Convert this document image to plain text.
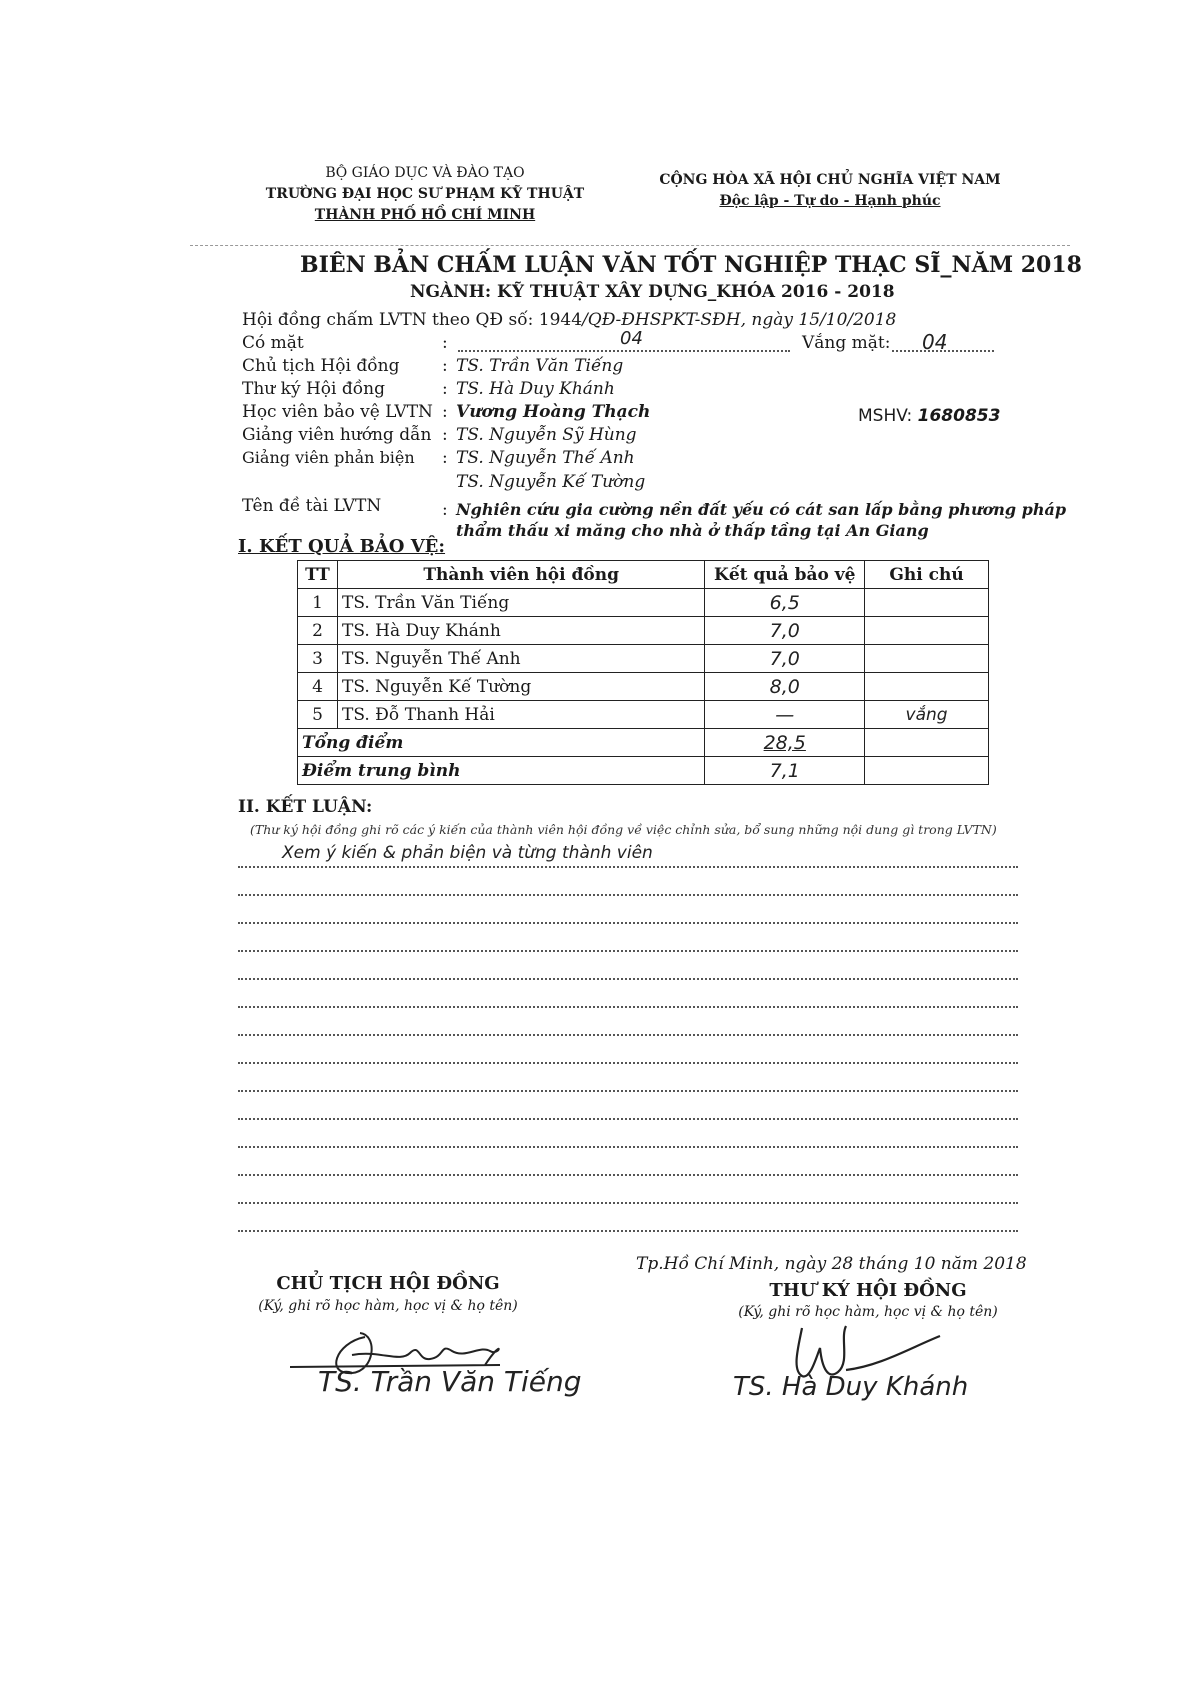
BỘ GIÁO DỤC VÀ ĐÀO TẠO
TRƯỜNG ĐẠI HỌC SƯ PHẠM KỸ THUẬT
THÀNH PHỐ HỒ CHÍ MINH
CỘNG HÒA XÃ HỘI CHỦ NGHĨA VIỆT NAM
Độc lập - Tự do - Hạnh phúc
BIÊN BẢN CHẤM LUẬN VĂN TỐT NGHIỆP THẠC SĨ_NĂM 2018
NGÀNH: KỸ THUẬT XÂY DỰNG_KHÓA 2016 - 2018
Hội đồng chấm LVTN theo QĐ số: 1944/QĐ-ĐHSPKT-SĐH, ngày 15/10/2018
Có mặt	:	04	Vắng mặt: 04
Chủ tịch Hội đồng	: TS. Trần Văn Tiếng
Thư ký Hội đồng	: TS. Hà Duy Khánh
Học viên bảo vệ LVTN : Vương Hoàng Thạch	MSHV: 1680853
Giảng viên hướng dẫn : TS. Nguyễn Sỹ Hùng
Giảng viên phản biện : TS. Nguyễn Thế Anh
TS. Nguyễn Kế Tường
Tên đề tài LVTN	: Nghiên cứu gia cường nền đất yếu có cát san lấp bằng phương pháp
thẩm thấu xi măng cho nhà ở thấp tầng tại An Giang
I. KẾT QUẢ BẢO VỆ:
TT	Thành viên hội đồng	Kết quả bảo vệ	Ghi chú
1	TS. Trần Văn Tiếng	6,5	
2	TS. Hà Duy Khánh	7,0	
3	TS. Nguyễn Thế Anh	7,0	
4	TS. Nguyễn Kế Tường	8,0	
5	TS. Đỗ Thanh Hải	—	vắng
Tổng điểm		28,5	
Điểm trung bình		7,1	
II. KẾT LUẬN:
(Thư ký hội đồng ghi rõ các ý kiến của thành viên hội đồng về việc chỉnh sửa, bổ sung những nội dung gì trong LVTN)
Xem ý kiến & phản biện và từng thành viên
Tp.Hồ Chí Minh, ngày 28 tháng 10 năm 2018
CHỦ TỊCH HỘI ĐỒNG
(Ký, ghi rõ học hàm, học vị & họ tên)
TS. Trần Văn Tiếng
THƯ KÝ HỘI ĐỒNG
(Ký, ghi rõ học hàm, học vị & họ tên)
TS. Hà Duy Khánh
